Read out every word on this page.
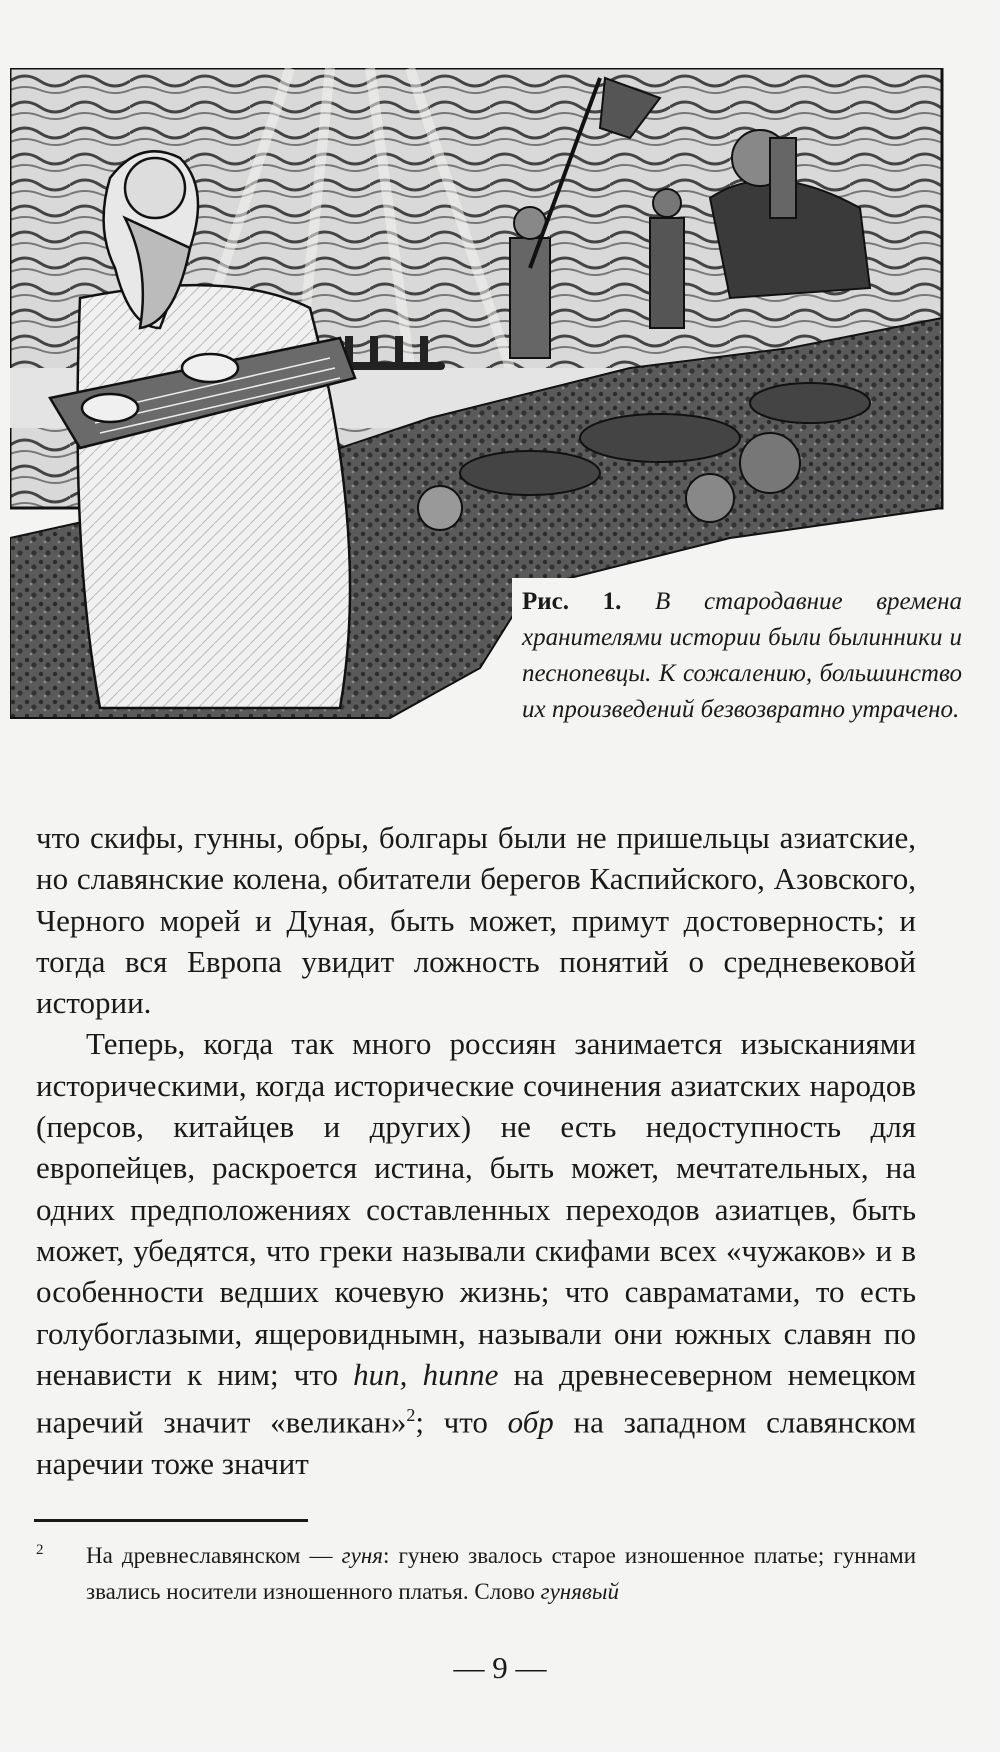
Рис. 1. В стародавние времена хранителями истории были былинники и песнопевцы. К сожалению, большинство их произведений безвозвратно утрачено.

что скифы, гунны, обры, болгары были не пришельцы азиатские, но славянские колена, обитатели берегов Каспийского, Азовского, Черного морей и Дуная, быть может, примут достоверность; и тогда вся Европа увидит ложность понятий о средневековой истории.

Теперь, когда так много россиян занимается изысканиями историческими, когда исторические сочинения азиатских народов (персов, китайцев и других) не есть недоступность для европейцев, раскроется истина, быть может, мечтательных, на одних предположениях составленных переходов азиатцев, быть может, убедятся, что греки называли скифами всех «чужаков» и в особенности ведших кочевую жизнь; что савраматами, то есть голубоглазыми, ящеровиднымн, называли они южных славян по ненависти к ним; что hun, hunne на древнесеверном немецком наречий значит «великан»$^2$; что обр на западном славянском наречии тоже значит

2	На древнеславянском — гуня: гунею звалось старое изношенное платье; гуннами звались носители изношенного платья. Слово гунявый
— 9 —
